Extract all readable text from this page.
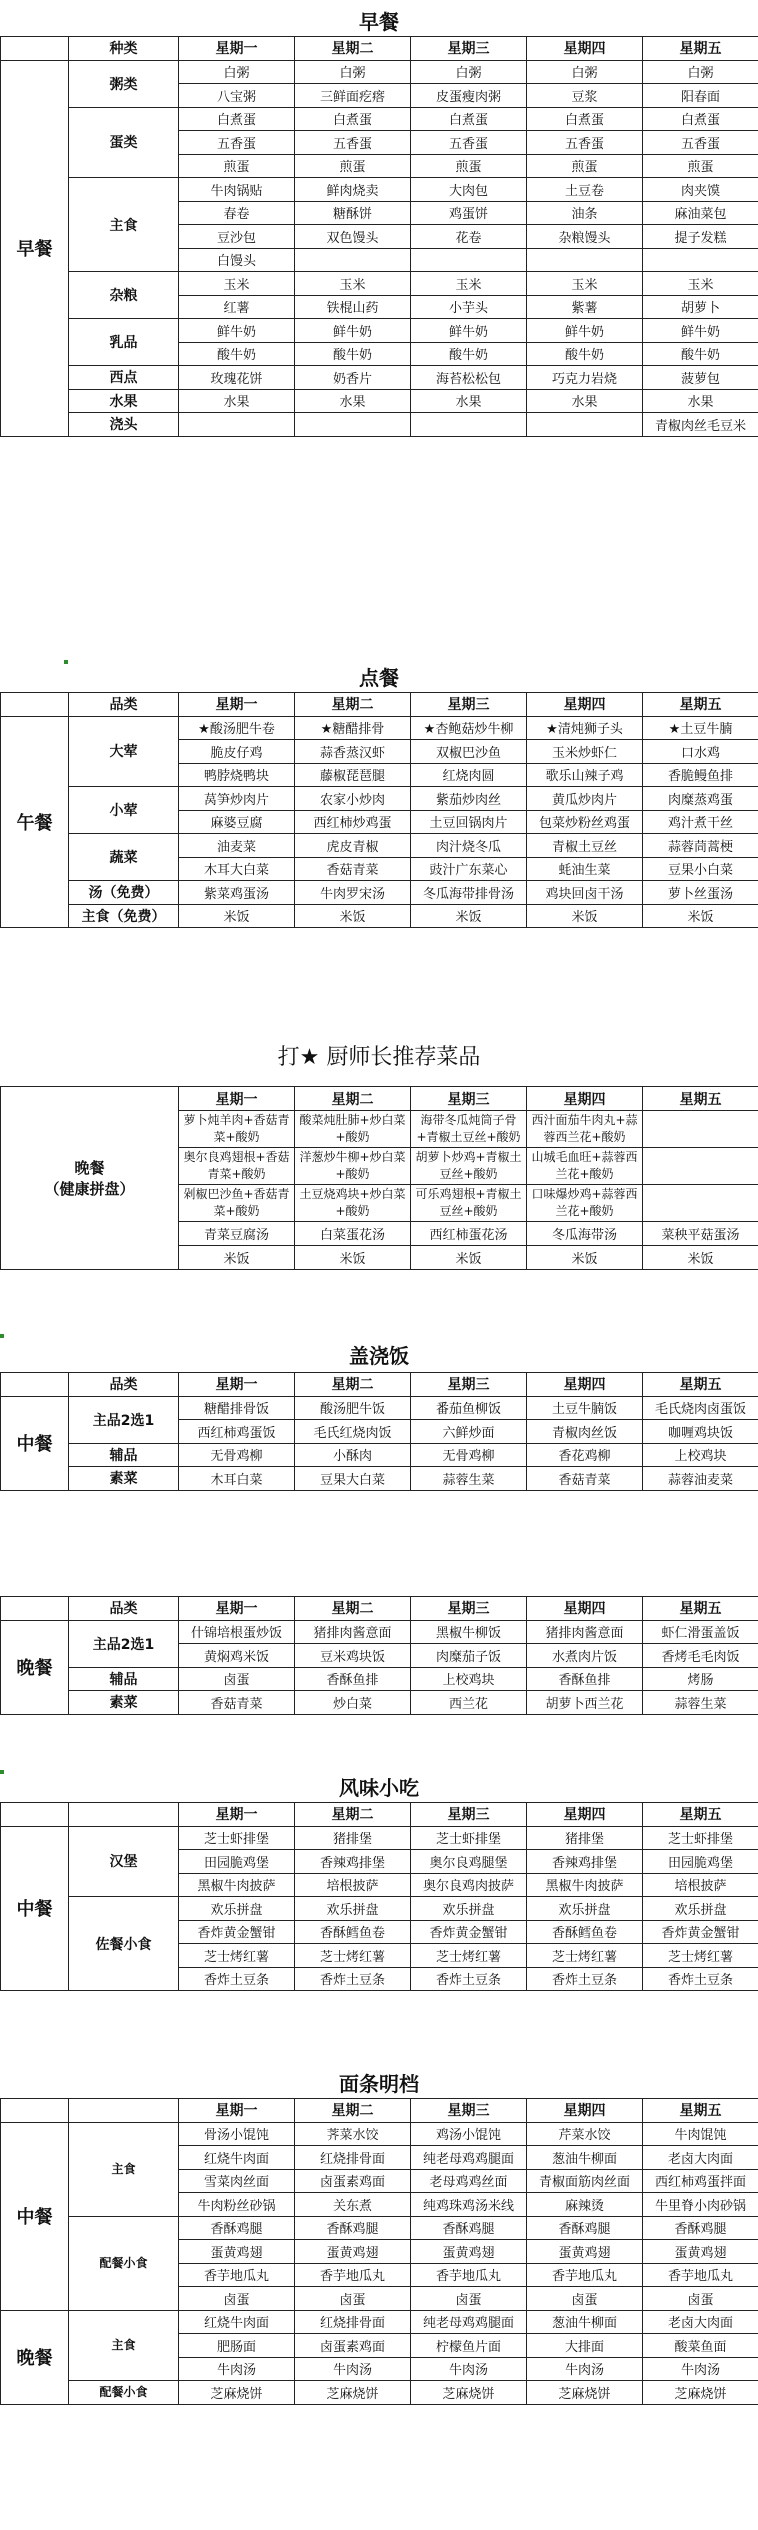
早餐
	种类	星期一	星期二	星期三	星期四	星期五
早餐	粥类	白粥	白粥	白粥	白粥	白粥
		八宝粥	三鲜面疙瘩	皮蛋瘦肉粥	豆浆	阳春面
	蛋类	白煮蛋	白煮蛋	白煮蛋	白煮蛋	白煮蛋
		五香蛋	五香蛋	五香蛋	五香蛋	五香蛋
		煎蛋	煎蛋	煎蛋	煎蛋	煎蛋
	主食	牛肉锅贴	鲜肉烧卖	大肉包	土豆卷	肉夹馍
		春卷	糖酥饼	鸡蛋饼	油条	麻油菜包
		豆沙包	双色馒头	花卷	杂粮馒头	提子发糕
		白馒头				
	杂粮	玉米	玉米	玉米	玉米	玉米
		红薯	铁棍山药	小芋头	紫薯	胡萝卜
	乳品	鲜牛奶	鲜牛奶	鲜牛奶	鲜牛奶	鲜牛奶
		酸牛奶	酸牛奶	酸牛奶	酸牛奶	酸牛奶
	西点	玫瑰花饼	奶香片	海苔松松包	巧克力岩烧	菠萝包
	水果	水果	水果	水果	水果	水果
	浇头					青椒肉丝毛豆米
点餐
	品类	星期一	星期二	星期三	星期四	星期五
午餐	大荤	★酸汤肥牛卷	★糖醋排骨	★杏鲍菇炒牛柳	★清炖狮子头	★土豆牛腩
		脆皮仔鸡	蒜香蒸汉虾	双椒巴沙鱼	玉米炒虾仁	口水鸡
		鸭脖烧鸭块	藤椒琵琶腿	红烧肉圆	歌乐山辣子鸡	香脆鳗鱼排
	小荤	莴笋炒肉片	农家小炒肉	紫茄炒肉丝	黄瓜炒肉片	肉糜蒸鸡蛋
		麻婆豆腐	西红柿炒鸡蛋	土豆回锅肉片	包菜炒粉丝鸡蛋	鸡汁煮干丝
	蔬菜	油麦菜	虎皮青椒	肉汁烧冬瓜	青椒土豆丝	蒜蓉茼蒿梗
		木耳大白菜	香菇青菜	豉汁广东菜心	蚝油生菜	豆果小白菜
	汤（免费）	紫菜鸡蛋汤	牛肉罗宋汤	冬瓜海带排骨汤	鸡块回卤干汤	萝卜丝蛋汤
	主食（免费）	米饭	米饭	米饭	米饭	米饭
打★ 厨师长推荐菜品
晚餐
（健康拼盘）	星期一	星期二	星期三	星期四	星期五
	萝卜炖羊肉+香菇青菜+酸奶	酸菜炖肚肺+炒白菜+酸奶	海带冬瓜炖筒子骨+青椒土豆丝+酸奶	西汁面茄牛肉丸+蒜蓉西兰花+酸奶	
	奥尔良鸡翅根+香菇青菜+酸奶	洋葱炒牛柳+炒白菜+酸奶	胡萝卜炒鸡+青椒土豆丝+酸奶	山城毛血旺+蒜蓉西兰花+酸奶	
	剁椒巴沙鱼+香菇青菜+酸奶	土豆烧鸡块+炒白菜+酸奶	可乐鸡翅根+青椒土豆丝+酸奶	口味爆炒鸡+蒜蓉西兰花+酸奶	
	青菜豆腐汤	白菜蛋花汤	西红柿蛋花汤	冬瓜海带汤	菜秧平菇蛋汤
	米饭	米饭	米饭	米饭	米饭
盖浇饭
	品类	星期一	星期二	星期三	星期四	星期五
中餐	主品2选1	糖醋排骨饭	酸汤肥牛饭	番茄鱼柳饭	土豆牛腩饭	毛氏烧肉卤蛋饭
		西红柿鸡蛋饭	毛氏红烧肉饭	六鲜炒面	青椒肉丝饭	咖喱鸡块饭
	辅品	无骨鸡柳	小酥肉	无骨鸡柳	香花鸡柳	上校鸡块
	素菜	木耳白菜	豆果大白菜	蒜蓉生菜	香菇青菜	蒜蓉油麦菜
	品类	星期一	星期二	星期三	星期四	星期五
晚餐	主品2选1	什锦培根蛋炒饭	猪排肉酱意面	黑椒牛柳饭	猪排肉酱意面	虾仁滑蛋盖饭
		黄焖鸡米饭	豆米鸡块饭	肉糜茄子饭	水煮肉片饭	香烤毛毛肉饭
	辅品	卤蛋	香酥鱼排	上校鸡块	香酥鱼排	烤肠
	素菜	香菇青菜	炒白菜	西兰花	胡萝卜西兰花	蒜蓉生菜
风味小吃
		星期一	星期二	星期三	星期四	星期五
中餐	汉堡	芝士虾排堡	猪排堡	芝士虾排堡	猪排堡	芝士虾排堡
		田园脆鸡堡	香辣鸡排堡	奥尔良鸡腿堡	香辣鸡排堡	田园脆鸡堡
		黑椒牛肉披萨	培根披萨	奥尔良鸡肉披萨	黑椒牛肉披萨	培根披萨
	佐餐小食	欢乐拼盘	欢乐拼盘	欢乐拼盘	欢乐拼盘	欢乐拼盘
		香炸黄金蟹钳	香酥鳕鱼卷	香炸黄金蟹钳	香酥鳕鱼卷	香炸黄金蟹钳
		芝士烤红薯	芝士烤红薯	芝士烤红薯	芝士烤红薯	芝士烤红薯
		香炸土豆条	香炸土豆条	香炸土豆条	香炸土豆条	香炸土豆条
面条明档
		星期一	星期二	星期三	星期四	星期五
中餐	主食	骨汤小馄饨	荠菜水饺	鸡汤小馄饨	芹菜水饺	牛肉馄饨
		红烧牛肉面	红烧排骨面	纯老母鸡鸡腿面	葱油牛柳面	老卤大肉面
		雪菜肉丝面	卤蛋素鸡面	老母鸡鸡丝面	青椒面筋肉丝面	西红柿鸡蛋拌面
		牛肉粉丝砂锅	关东煮	纯鸡珠鸡汤米线	麻辣烫	牛里脊小肉砂锅
	配餐小食	香酥鸡腿	香酥鸡腿	香酥鸡腿	香酥鸡腿	香酥鸡腿
		蛋黄鸡翅	蛋黄鸡翅	蛋黄鸡翅	蛋黄鸡翅	蛋黄鸡翅
		香芋地瓜丸	香芋地瓜丸	香芋地瓜丸	香芋地瓜丸	香芋地瓜丸
		卤蛋	卤蛋	卤蛋	卤蛋	卤蛋
晚餐	主食	红烧牛肉面	红烧排骨面	纯老母鸡鸡腿面	葱油牛柳面	老卤大肉面
		肥肠面	卤蛋素鸡面	柠檬鱼片面	大排面	酸菜鱼面
		牛肉汤	牛肉汤	牛肉汤	牛肉汤	牛肉汤
	配餐小食	芝麻烧饼	芝麻烧饼	芝麻烧饼	芝麻烧饼	芝麻烧饼
